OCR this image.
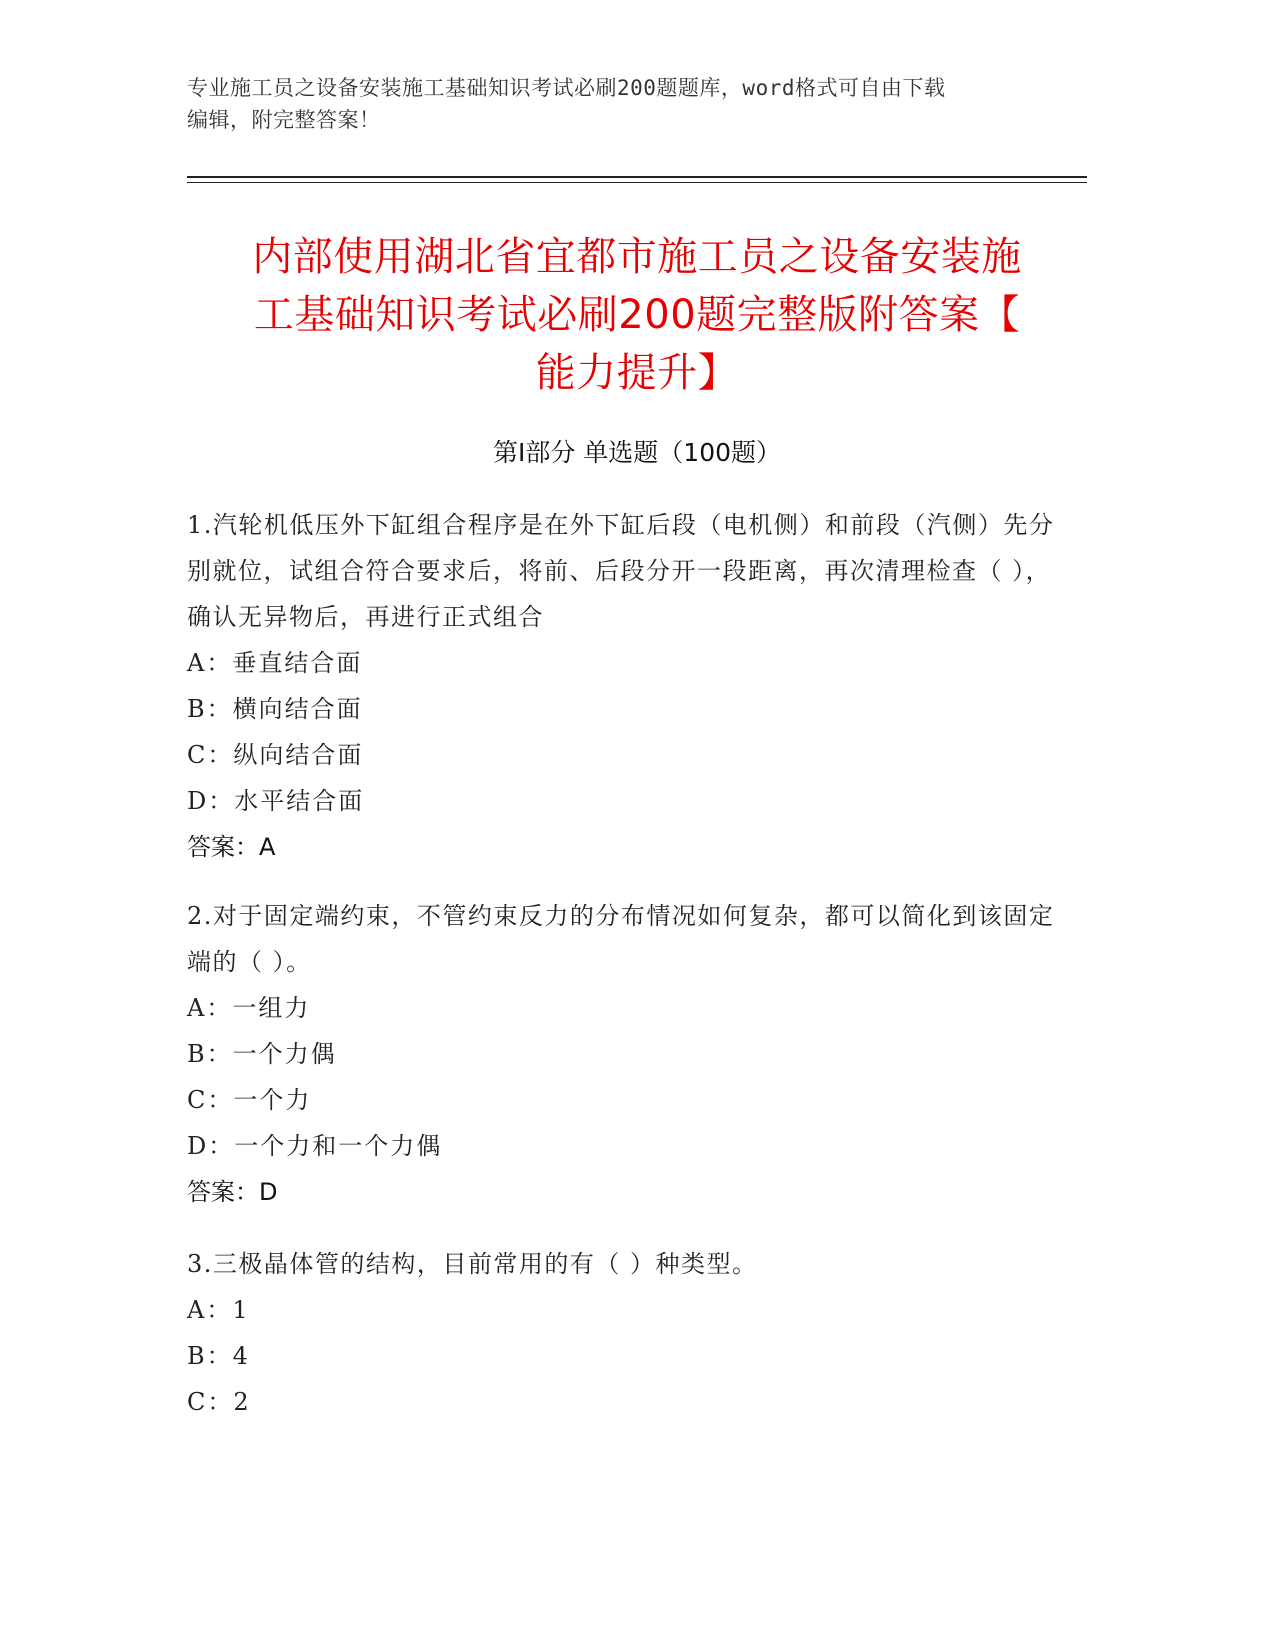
专业施工员之设备安装施工基础知识考试必刷200题题库，word格式可自由下载
编辑，附完整答案！
内部使用湖北省宜都市施工员之设备安装施
工基础知识考试必刷200题完整版附答案【
能力提升】
第I部分 单选题（100题）
1.汽轮机低压外下缸组合程序是在外下缸后段（电机侧）和前段（汽侧）先分别就位，试组合符合要求后，将前、后段分开一段距离，再次清理检查（ ），确认无异物后，再进行正式组合
A：垂直结合面
B：横向结合面
C：纵向结合面
D：水平结合面
答案：A
2.对于固定端约束，不管约束反力的分布情况如何复杂，都可以简化到该固定端的（ ）。
A：一组力
B：一个力偶
C：一个力
D：一个力和一个力偶
答案：D
3.三极晶体管的结构，目前常用的有（ ）种类型。
A：1
B：4
C：2
